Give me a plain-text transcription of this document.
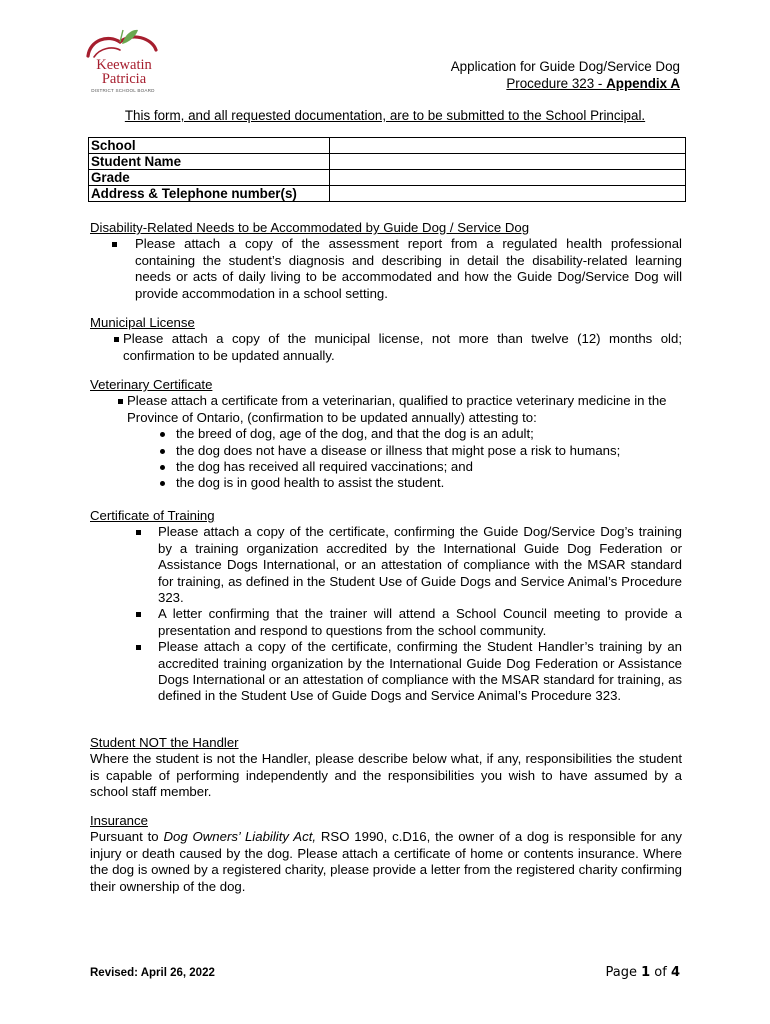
Keewatin
Patricia
DISTRICT SCHOOL BOARD
Application for Guide Dog/Service Dog
Procedure 323 - Appendix A
This form, and all requested documentation, are to be submitted to the School Principal.
School	
Student Name	
Grade	
Address & Telephone number(s)	
Disability-Related Needs to be Accommodated by Guide Dog / Service Dog
Please attach a copy of the assessment report from a regulated health professional containing the student’s diagnosis and describing in detail the disability-related learning needs or acts of daily living to be accommodated and how the Guide Dog/Service Dog will provide accommodation in a school setting.
Municipal License
Please attach a copy of the municipal license, not more than twelve (12) months old; confirmation to be updated annually.
Veterinary Certificate
Please attach a certificate from a veterinarian, qualified to practice veterinary medicine in the Province of Ontario, (confirmation to be updated annually) attesting to:
the breed of dog, age of the dog, and that the dog is an adult;
the dog does not have a disease or illness that might pose a risk to humans;
the dog has received all required vaccinations; and
the dog is in good health to assist the student.
Certificate of Training
Please attach a copy of the certificate, confirming the Guide Dog/Service Dog’s training by a training organization accredited by the International Guide Dog Federation or Assistance Dogs International, or an attestation of compliance with the MSAR standard for training, as defined in the Student Use of Guide Dogs and Service Animal’s Procedure 323.
A letter confirming that the trainer will attend a School Council meeting to provide a presentation and respond to questions from the school community.
Please attach a copy of the certificate, confirming the Student Handler’s training by an accredited training organization by the International Guide Dog Federation or Assistance Dogs International or an attestation of compliance with the MSAR standard for training, as defined in the Student Use of Guide Dogs and Service Animal’s Procedure 323.
Student NOT the Handler
Where the student is not the Handler, please describe below what, if any, responsibilities the student is capable of performing independently and the responsibilities you wish to have assumed by a school staff member.
Insurance
Pursuant to Dog Owners’ Liability Act, RSO 1990, c.D16, the owner of a dog is responsible for any injury or death caused by the dog. Please attach a certificate of home or contents insurance. Where the dog is owned by a registered charity, please provide a letter from the registered charity confirming their ownership of the dog.
Revised: April 26, 2022	Page 1 of 4
